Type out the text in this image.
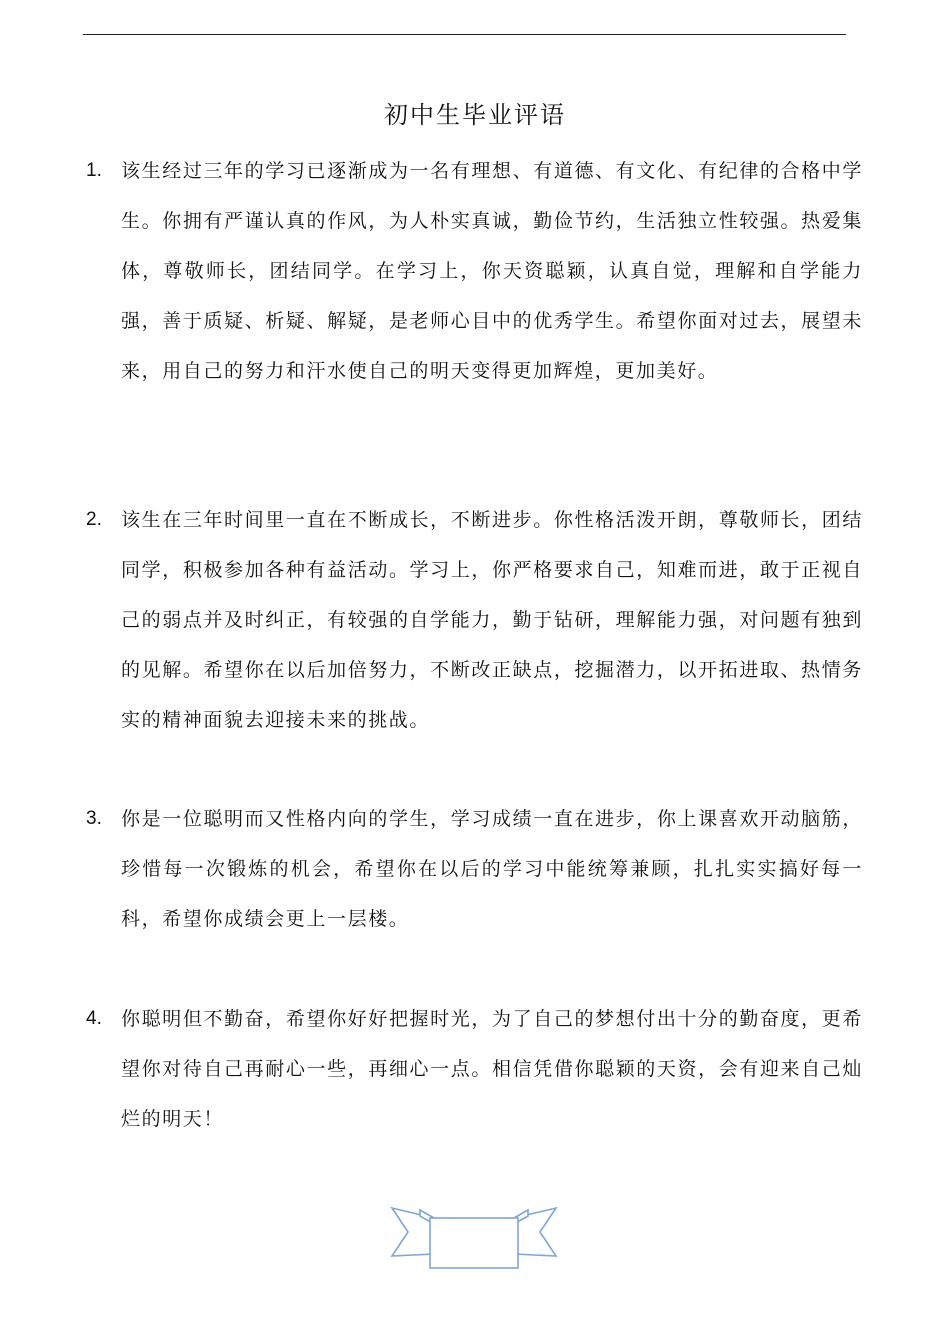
初中生毕业评语
1. 该生经过三年的学习已逐渐成为一名有理想、有道德、有文化、有纪律的合格中学生。你拥有严谨认真的作风，为人朴实真诚，勤俭节约，生活独立性较强。热爱集体，尊敬师长，团结同学。在学习上，你天资聪颖，认真自觉，理解和自学能力强，善于质疑、析疑、解疑，是老师心目中的优秀学生。希望你面对过去，展望未来，用自己的努力和汗水使自己的明天变得更加辉煌，更加美好。

2. 该生在三年时间里一直在不断成长，不断进步。你性格活泼开朗，尊敬师长，团结同学，积极参加各种有益活动。学习上，你严格要求自己，知难而进，敢于正视自己的弱点并及时纠正，有较强的自学能力，勤于钻研，理解能力强，对问题有独到的见解。希望你在以后加倍努力，不断改正缺点，挖掘潜力，以开拓进取、热情务实的精神面貌去迎接未来的挑战。

3. 你是一位聪明而又性格内向的学生，学习成绩一直在进步，你上课喜欢开动脑筋，珍惜每一次锻炼的机会，希望你在以后的学习中能统筹兼顾，扎扎实实搞好每一科，希望你成绩会更上一层楼。

4. 你聪明但不勤奋，希望你好好把握时光，为了自己的梦想付出十分的勤奋度，更希望你对待自己再耐心一些，再细心一点。相信凭借你聪颖的天资，会有迎来自己灿烂的明天！
